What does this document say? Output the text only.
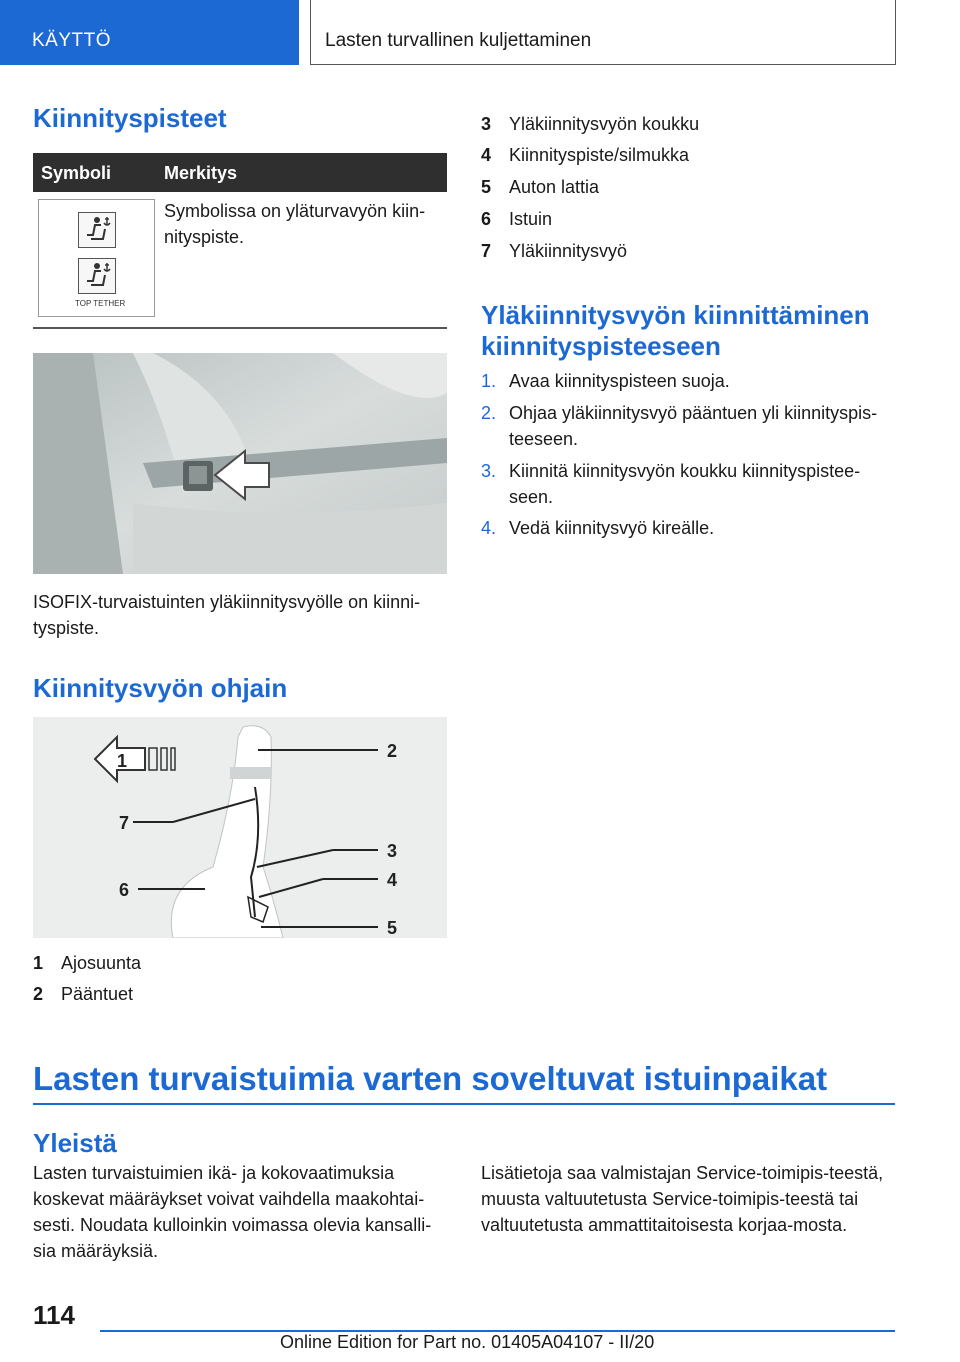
KÄYTTÖ	Lasten turvallinen kuljettaminen
Kiinnityspisteet
Symboli	Merkitys
TOP TETHER
Symbolissa on yläturvavyön kiin-nityspiste.
ISOFIX-turvaistuinten yläkiinnitysvyölle on kiinni-tyspiste.
Kiinnitysvyön ohjain
1	2
3
4
5
6
7
1 Ajosuunta
2 Pääntuet
3 Yläkiinnitysvyön koukku
4 Kiinnityspiste/silmukka
5 Auton lattia
6 Istuin
7 Yläkiinnitysvyö
Yläkiinnitysvyön kiinnittäminen
kiinnityspisteeseen
1. Avaa kiinnityspisteen suoja.
2. Ohjaa yläkiinnitysvyö pääntuen yli kiinnityspis-teeseen.
3. Kiinnitä kiinnitysvyön koukku kiinnityspistee-seen.
4. Vedä kiinnitysvyö kireälle.
Lasten turvaistuimia varten soveltuvat istuinpaikat
Yleistä
Lasten turvaistuimien ikä- ja kokovaatimuksia koskevat määräykset voivat vaihdella maakohtai-sesti. Noudata kulloinkin voimassa olevia kansalli-sia määräyksiä.
Lisätietoja saa valmistajan Service-toimipis-teestä, muusta valtuutetusta Service-toimipis-teestä tai valtuutetusta ammattitaitoisesta korjaa-mosta.
114
Online Edition for Part no. 01405A04107 - II/20
